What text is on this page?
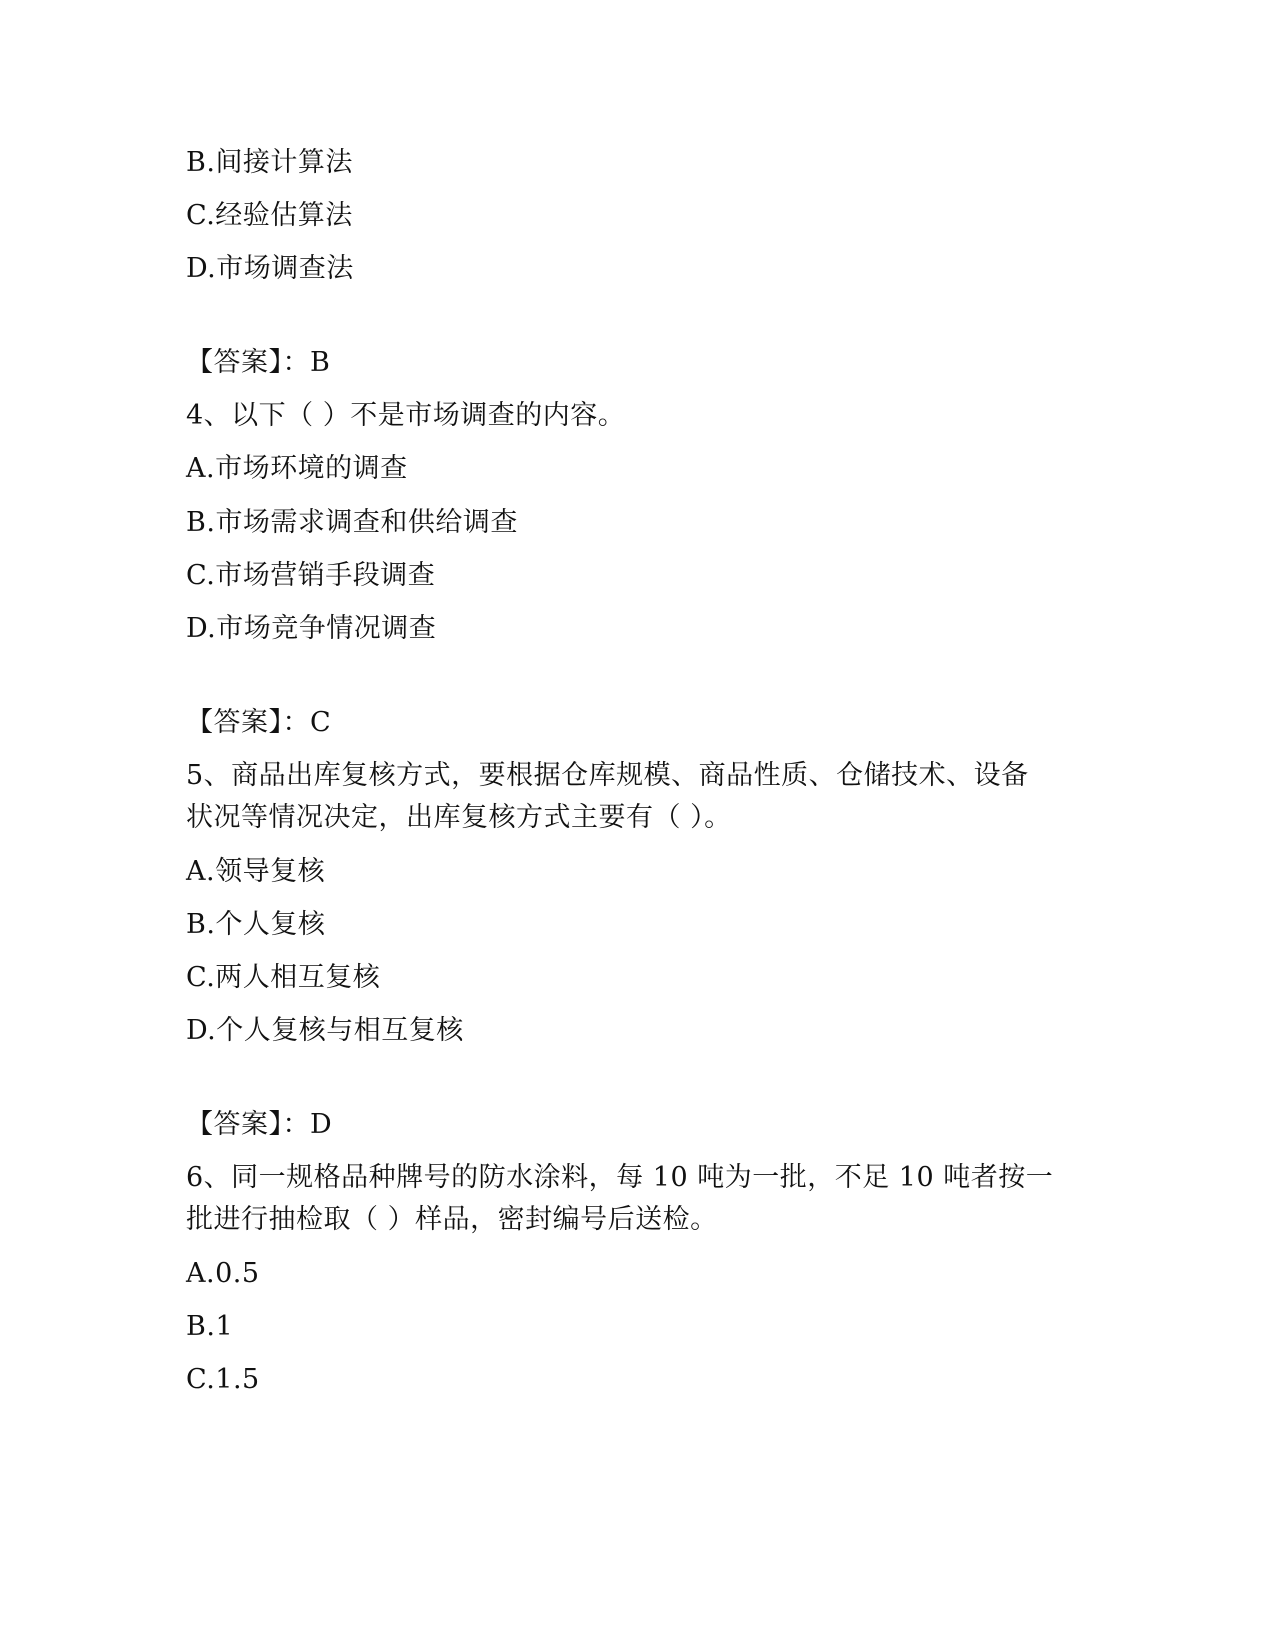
B.间接计算法
C.经验估算法
D.市场调查法
【答案】：B
4、以下（ ）不是市场调查的内容。
A.市场环境的调查
B.市场需求调查和供给调查
C.市场营销手段调查
D.市场竞争情况调查
【答案】：C
5、商品出库复核方式，要根据仓库规模、商品性质、仓储技术、设备
状况等情况决定，出库复核方式主要有（ ）。
A.领导复核
B.个人复核
C.两人相互复核
D.个人复核与相互复核
【答案】：D
6、同一规格品种牌号的防水涂料，每 10 吨为一批，不足 10 吨者按一
批进行抽检取（ ）样品，密封编号后送检。
A.0.5
B.1
C.1.5
